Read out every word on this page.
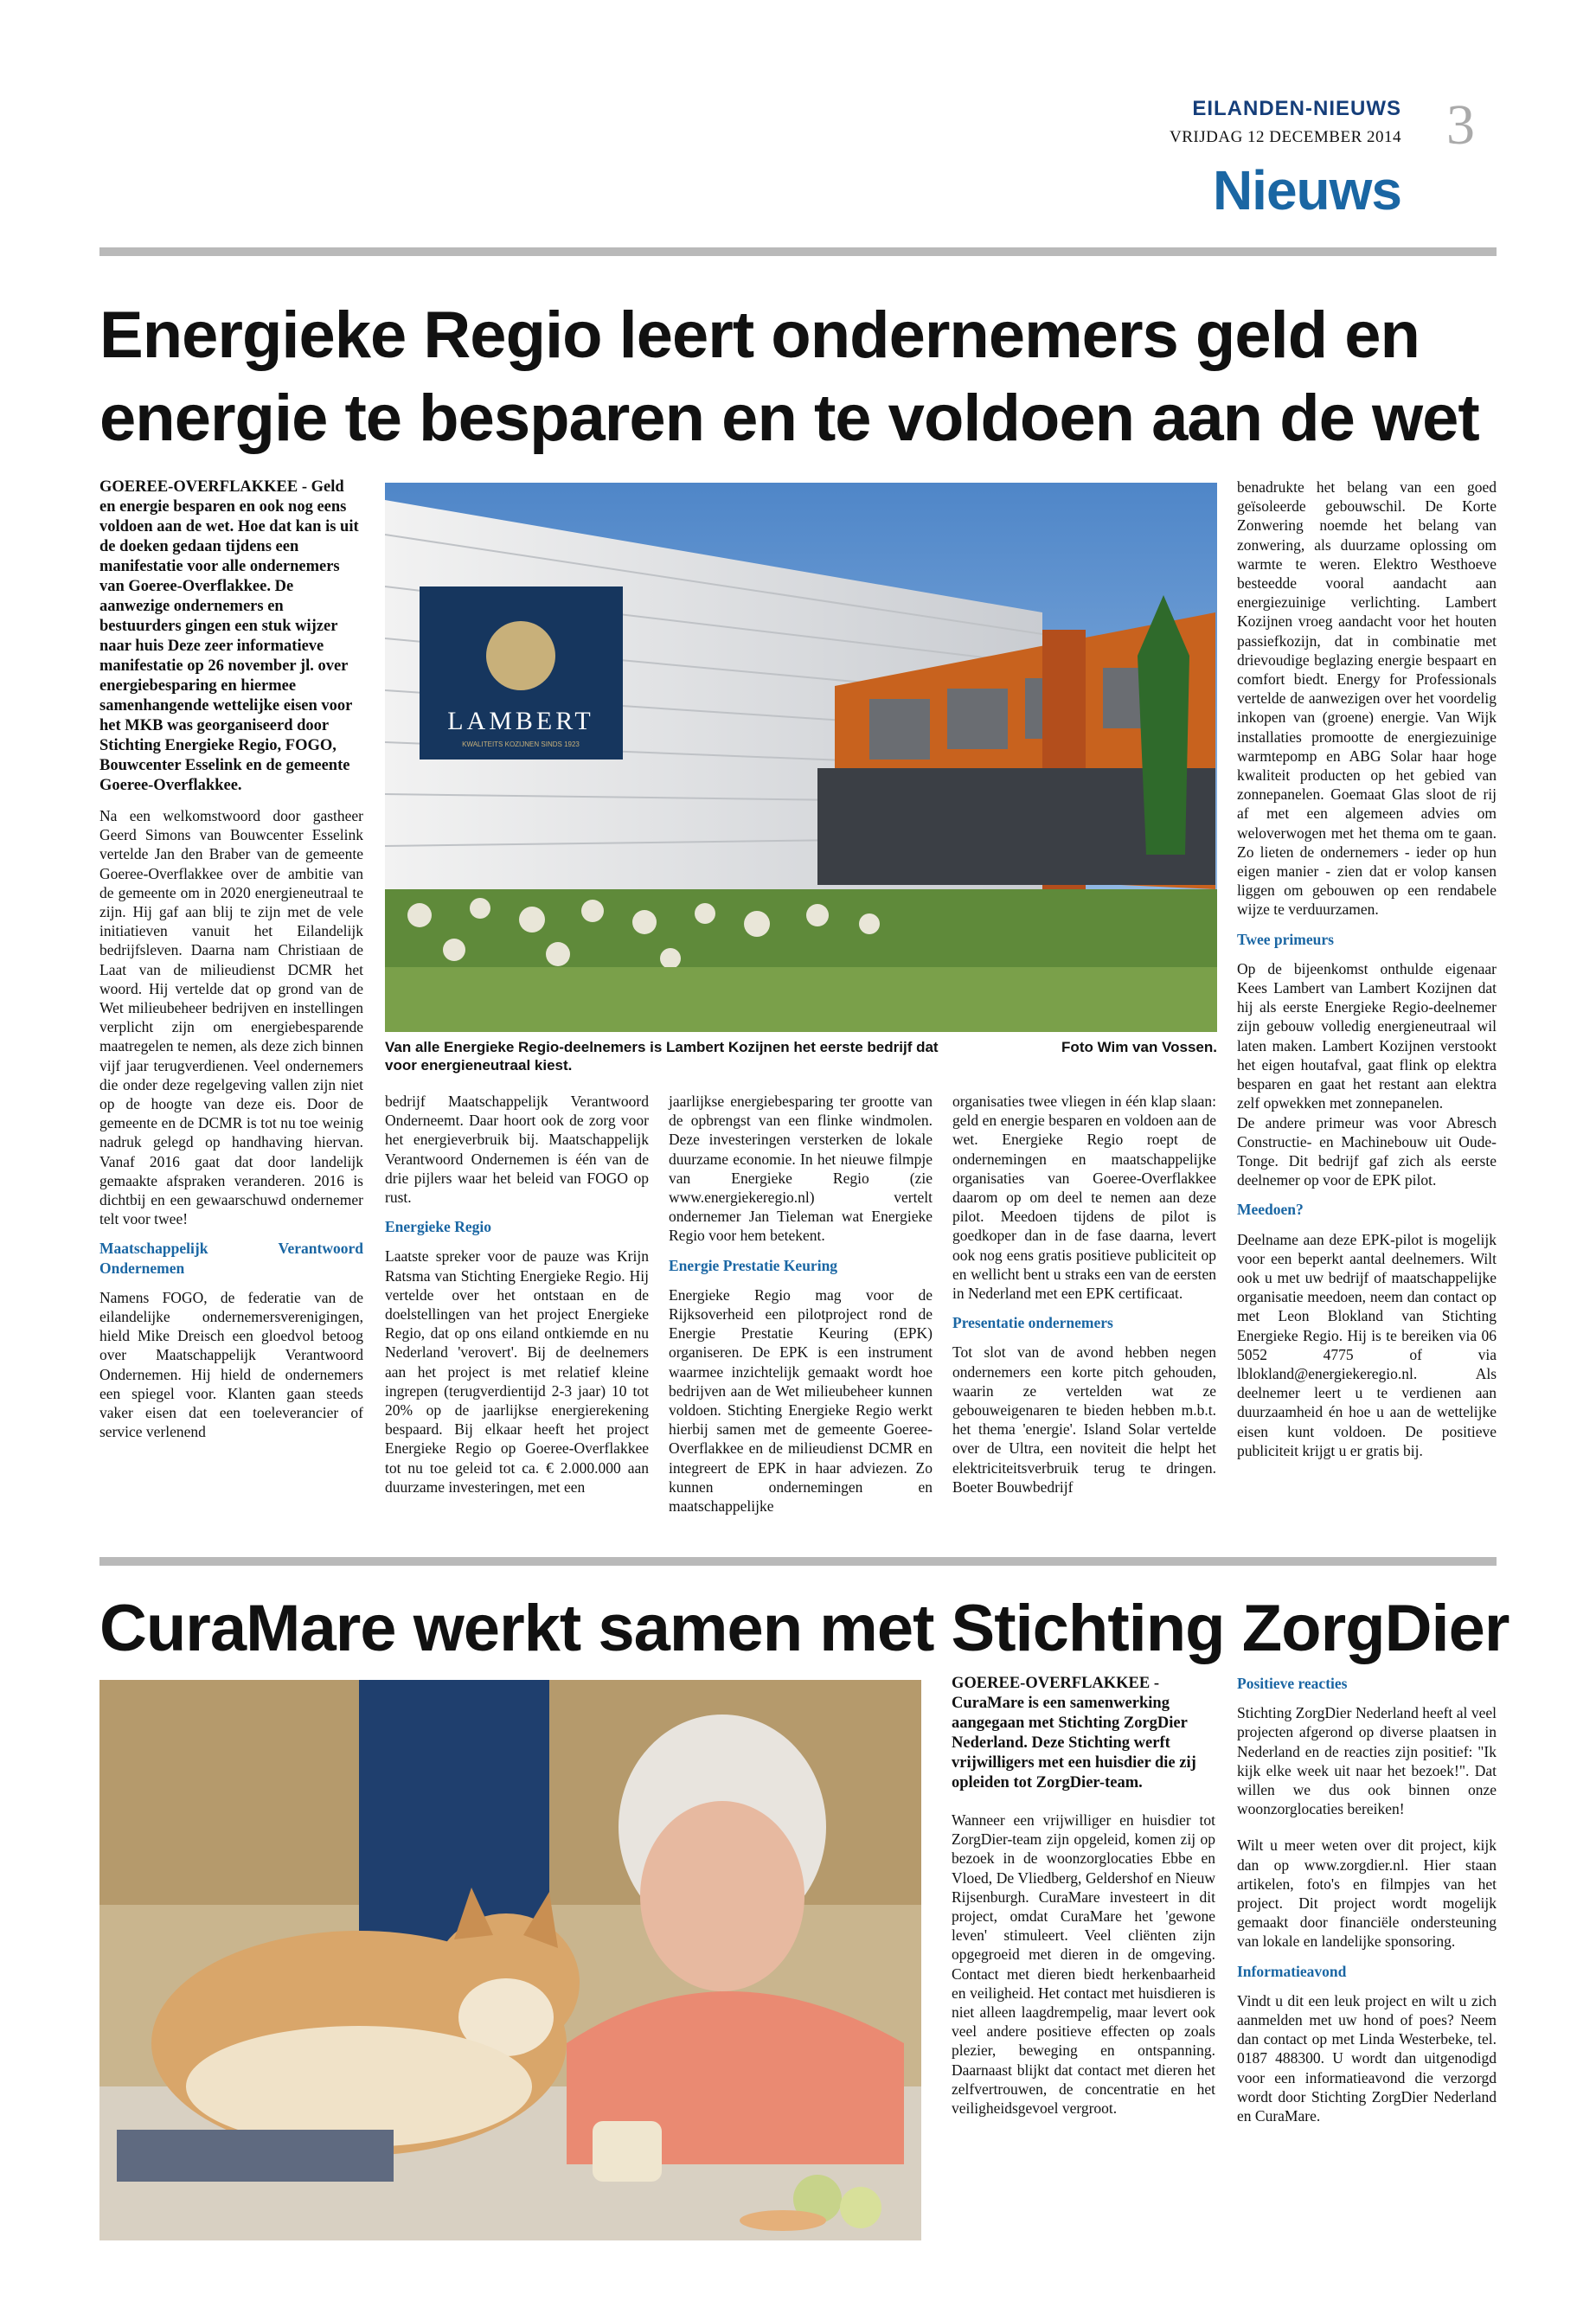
EILANDEN-NIEUWS
VRIJDAG 12 DECEMBER 2014 3
Nieuws
Energieke Regio leert ondernemers geld en
energie te besparen en te voldoen aan de wet

GOEREE-OVERFLAKKEE - Geld en energie besparen en ook nog eens voldoen aan de wet. Hoe dat kan is uit de doeken gedaan tijdens een manifestatie voor alle ondernemers van Goeree-Overflakkee. De aanwezige ondernemers en bestuurders gingen een stuk wijzer naar huis Deze zeer informatieve manifestatie op 26 november jl. over energiebesparing en hiermee samenhangende wettelijke eisen voor het MKB was georganiseerd door Stichting Energieke Regio, FOGO, Bouwcenter Esselink en de gemeente Goeree-Overflakkee.

Na een welkomstwoord door gastheer Geerd Simons van Bouwcenter Esselink vertelde Jan den Braber van de gemeente Goeree-Overflakkee over de ambitie van de gemeente om in 2020 energieneutraal te zijn. Hij gaf aan blij te zijn met de vele initiatieven vanuit het Eilandelijk bedrijfsleven. Daarna nam Christiaan de Laat van de milieudienst DCMR het woord. Hij vertelde dat op grond van de Wet milieubeheer bedrijven en instellingen verplicht zijn om energiebesparende maatregelen te nemen, als deze zich binnen vijf jaar terugverdienen. Veel ondernemers die onder deze regelgeving vallen zijn niet op de hoogte van deze eis. Door de gemeente en de DCMR is tot nu toe weinig nadruk gelegd op handhaving hiervan. Vanaf 2016 gaat dat door landelijk gemaakte afspraken veranderen. 2016 is dichtbij en een gewaarschuwd ondernemer telt voor twee!

Maatschappelijk Verantwoord Ondernemen

Namens FOGO, de federatie van de eilandelijke ondernemersverenigingen, hield Mike Dreisch een gloedvol betoog over Maatschappelijk Verantwoord Ondernemen. Hij hield de ondernemers een spiegel voor. Klanten gaan steeds vaker eisen dat een toeleverancier of service verlenend

LAMBERT
KWALITEITS KOZIJNEN SINDS 1923
Van alle Energieke Regio-deelnemers is Lambert Kozijnen het eerste bedrijf dat voor energieneutraal kiest.
Foto Wim van Vossen.

bedrijf Maatschappelijk Verantwoord Onderneemt. Daar hoort ook de zorg voor het energieverbruik bij. Maatschappelijk Verantwoord Ondernemen is één van de drie pijlers waar het beleid van FOGO op rust.

Energieke Regio

Laatste spreker voor de pauze was Krijn Ratsma van Stichting Energieke Regio. Hij vertelde over het ontstaan en de doelstellingen van het project Energieke Regio, dat op ons eiland ontkiemde en nu Nederland 'verovert'. Bij de deelnemers aan het project is met relatief kleine ingrepen (terugverdientijd 2-3 jaar) 10 tot 20% op de jaarlijkse energierekening bespaard. Bij elkaar heeft het project Energieke Regio op Goeree-Overflakkee tot nu toe geleid tot ca. € 2.000.000 aan duurzame investeringen, met een

jaarlijkse energiebesparing ter grootte van de opbrengst van een flinke windmolen. Deze investeringen versterken de lokale duurzame economie. In het nieuwe filmpje van Energieke Regio (zie www.energiekeregio.nl) vertelt ondernemer Jan Tieleman wat Energieke Regio voor hem betekent.

Energie Prestatie Keuring

Energieke Regio mag voor de Rijksoverheid een pilotproject rond de Energie Prestatie Keuring (EPK) organiseren. De EPK is een instrument waarmee inzichtelijk gemaakt wordt hoe bedrijven aan de Wet milieubeheer kunnen voldoen. Stichting Energieke Regio werkt hierbij samen met de gemeente Goeree-Overflakkee en de milieudienst DCMR en integreert de EPK in haar adviezen. Zo kunnen ondernemingen en maatschappelijke

organisaties twee vliegen in één klap slaan: geld en energie besparen en voldoen aan de wet. Energieke Regio roept de ondernemingen en maatschappelijke organisaties van Goeree-Overflakkee daarom op om deel te nemen aan deze pilot. Meedoen tijdens de pilot is goedkoper dan in de fase daarna, levert ook nog eens gratis positieve publiciteit op en wellicht bent u straks een van de eersten in Nederland met een EPK certificaat.

Presentatie ondernemers

Tot slot van de avond hebben negen ondernemers een korte pitch gehouden, waarin ze vertelden wat ze gebouweigenaren te bieden hebben m.b.t. het thema 'energie'. Island Solar vertelde over de Ultra, een noviteit die helpt het elektriciteitsverbruik terug te dringen. Boeter Bouwbedrijf

benadrukte het belang van een goed geïsoleerde gebouwschil. De Korte Zonwering noemde het belang van zonwering, als duurzame oplossing om warmte te weren. Elektro Westhoeve besteedde vooral aandacht aan energiezuinige verlichting. Lambert Kozijnen vroeg aandacht voor het houten passiefkozijn, dat in combinatie met drievoudige beglazing energie bespaart en comfort biedt. Energy for Professionals vertelde de aanwezigen over het voordelig inkopen van (groene) energie. Van Wijk installaties promootte de energiezuinige warmtepomp en ABG Solar haar hoge kwaliteit producten op het gebied van zonnepanelen. Goemaat Glas sloot de rij af met een algemeen advies om weloverwogen met het thema om te gaan. Zo lieten de ondernemers - ieder op hun eigen manier - zien dat er volop kansen liggen om gebouwen op een rendabele wijze te verduurzamen.

Twee primeurs

Op de bijeenkomst onthulde eigenaar Kees Lambert van Lambert Kozijnen dat hij als eerste Energieke Regio-deelnemer zijn gebouw volledig energieneutraal wil laten maken. Lambert Kozijnen verstookt het eigen houtafval, gaat flink op elektra besparen en gaat het restant aan elektra zelf opwekken met zonnepanelen.
De andere primeur was voor Abresch Constructie- en Machinebouw uit Oude-Tonge. Dit bedrijf gaf zich als eerste deelnemer op voor de EPK pilot.

Meedoen?

Deelname aan deze EPK-pilot is mogelijk voor een beperkt aantal deelnemers. Wilt ook u met uw bedrijf of maatschappelijke organisatie meedoen, neem dan contact op met Leon Blokland van Stichting Energieke Regio. Hij is te bereiken via 06 5052 4775 of via lblokland@energiekeregio.nl. Als deelnemer leert u te verdienen aan duurzaamheid én hoe u aan de wettelijke eisen kunt voldoen. De positieve publiciteit krijgt u er gratis bij.

CuraMare werkt samen met Stichting ZorgDier

GOEREE-OVERFLAKKEE - CuraMare is een samenwerking aangegaan met Stichting ZorgDier Nederland. Deze Stichting werft vrijwilligers met een huisdier die zij opleiden tot ZorgDier-team.

Wanneer een vrijwilliger en huisdier tot ZorgDier-team zijn opgeleid, komen zij op bezoek in de woonzorglocaties Ebbe en Vloed, De Vliedberg, Geldershof en Nieuw Rijsenburgh. CuraMare investeert in dit project, omdat CuraMare het 'gewone leven' stimuleert. Veel cliënten zijn opgegroeid met dieren in de omgeving. Contact met dieren biedt herkenbaarheid en veiligheid. Het contact met huisdieren is niet alleen laagdrempelig, maar levert ook veel andere positieve effecten op zoals plezier, beweging en ontspanning. Daarnaast blijkt dat contact met dieren het zelfvertrouwen, de concentratie en het veiligheidsgevoel vergroot.

Positieve reacties

Stichting ZorgDier Nederland heeft al veel projecten afgerond op diverse plaatsen in Nederland en de reacties zijn positief: "Ik kijk elke week uit naar het bezoek!". Dat willen we dus ook binnen onze woonzorglocaties bereiken!

Wilt u meer weten over dit project, kijk dan op www.zorgdier.nl. Hier staan artikelen, foto's en filmpjes van het project. Dit project wordt mogelijk gemaakt door financiële ondersteuning van lokale en landelijke sponsoring.

Informatieavond

Vindt u dit een leuk project en wilt u zich aanmelden met uw hond of poes? Neem dan contact op met Linda Westerbeke, tel. 0187 488300. U wordt dan uitgenodigd voor een informatieavond die verzorgd wordt door Stichting ZorgDier Nederland en CuraMare.
